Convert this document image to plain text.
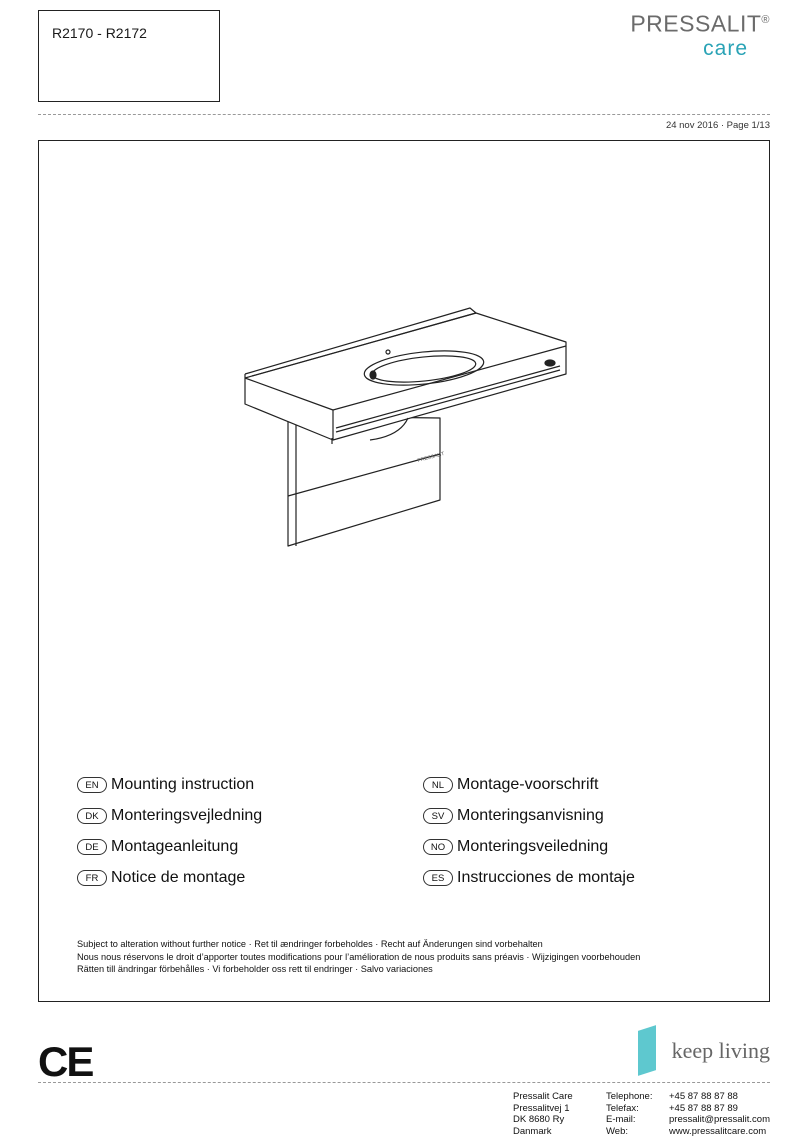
R2170 - R2172	PRESSALIT®
care
24 nov 2016 · Page 1/13
PRESSALIT
EN Mounting instruction
DK Monteringsvejledning
DE Montageanleitung
FR Notice de montage
NL Montage-voorschrift
SV Monteringsanvisning
NO Monteringsveiledning
ES Instrucciones de montaje
Subject to alteration without further notice · Ret til ændringer forbeholdes · Recht auf Änderungen sind vorbehalten
Nous nous réservons le droit d’apporter toutes modifications pour l’amélioration de nous produits sans préavis · Wijzigingen voorbehouden
Rätten till ändringar förbehålles · Vi forbeholder oss rett til endringer · Salvo variaciones
CE	keep living
Pressalit Care
Pressalitvej 1
DK 8680 Ry
Danmark
Telephone:
Telefax:
E-mail:
Web:
+45 87 88 87 88
+45 87 88 87 89
pressalit@pressalit.com
www.pressalitcare.com
